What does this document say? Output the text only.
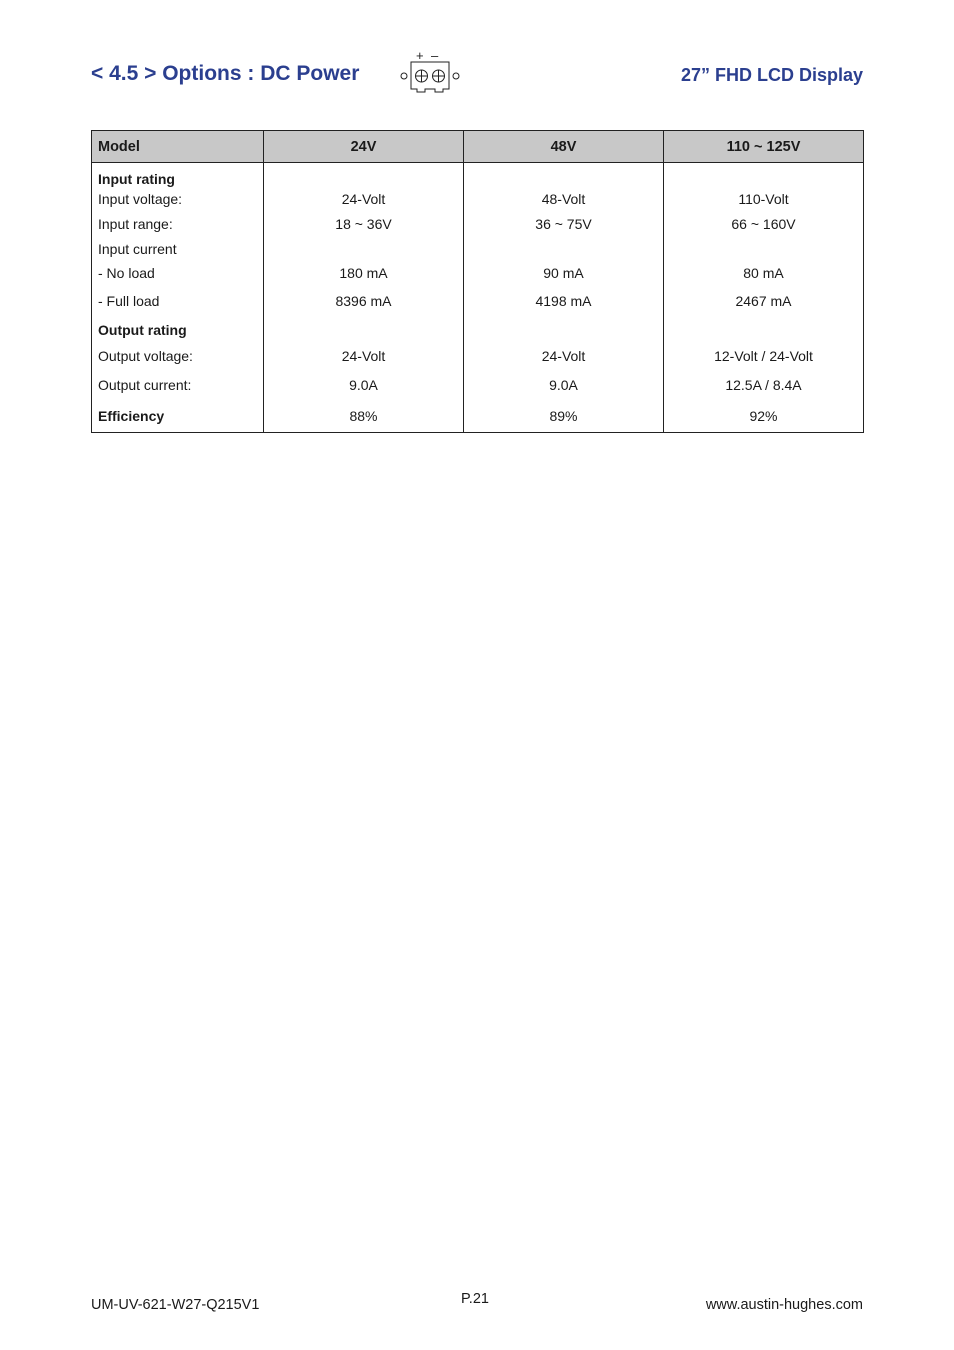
< 4.5 > Options : DC Power
+ –
27” FHD LCD Display
Model	24V	48V	110 ~ 125V
Input rating			
Input voltage:	24-Volt	48-Volt	110-Volt
Input range:	18 ~ 36V	36 ~ 75V	66 ~ 160V
Input current			
- No load	180 mA	90 mA	80 mA
- Full load	8396 mA	4198 mA	2467 mA
Output rating			
Output voltage:	24-Volt	24-Volt	12-Volt / 24-Volt
Output current:	9.0A	9.0A	12.5A / 8.4A
Efficiency	88%	89%	92%
UM-UV-621-W27-Q215V1	P.21	www.austin-hughes.com
